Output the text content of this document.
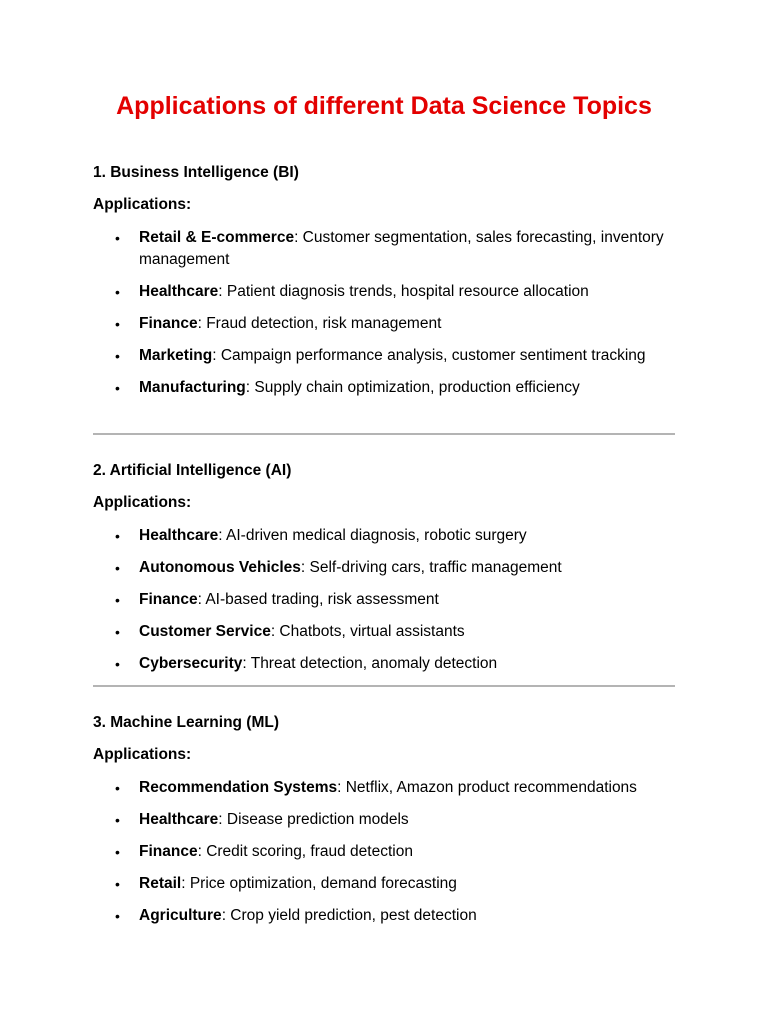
Applications of different Data Science Topics

1. Business Intelligence (BI)

Applications:

• Retail & E-commerce: Customer segmentation, sales forecasting, inventory management
• Healthcare: Patient diagnosis trends, hospital resource allocation
• Finance: Fraud detection, risk management
• Marketing: Campaign performance analysis, customer sentiment tracking
• Manufacturing: Supply chain optimization, production efficiency

2. Artificial Intelligence (AI)

Applications:

• Healthcare: AI-driven medical diagnosis, robotic surgery
• Autonomous Vehicles: Self-driving cars, traffic management
• Finance: AI-based trading, risk assessment
• Customer Service: Chatbots, virtual assistants
• Cybersecurity: Threat detection, anomaly detection

3. Machine Learning (ML)

Applications:

• Recommendation Systems: Netflix, Amazon product recommendations
• Healthcare: Disease prediction models
• Finance: Credit scoring, fraud detection
• Retail: Price optimization, demand forecasting
• Agriculture: Crop yield prediction, pest detection
